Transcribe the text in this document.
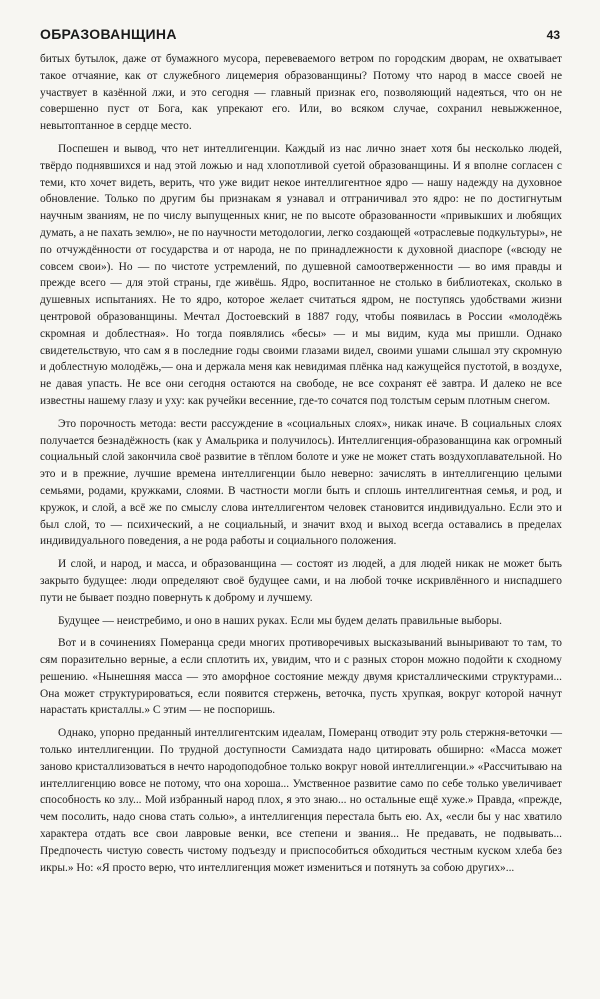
ОБРАЗОВАНЩИНА	43

битых бутылок, даже от бумажного мусора, перевеваемого ветром по городским дворам, не охватывает такое отчаяние, как от служебного лицемерия образованщины? Потому что народ в массе своей не участвует в казённой лжи, и это сегодня — главный признак его, позволяющий надеяться, что он не совершенно пуст от Бога, как упрекают его. Или, во всяком случае, сохранил невыжженное, невытоптанное в сердце место.

Поспешен и вывод, что нет интеллигенции. Каждый из нас лично знает хотя бы несколько людей, твёрдо поднявшихся и над этой ложью и над хлопотливой суетой образованщины. И я вполне согласен с теми, кто хочет видеть, верить, что уже видит некое интеллигентное ядро — нашу надежду на духовное обновление. Только по другим бы признакам я узнавал и отграничивал это ядро: не по достигнутым научным званиям, не по числу выпущенных книг, не по высоте образованности «привыкших и любящих думать, а не пахать землю», не по научности методологии, легко создающей «отраслевые подкультуры», не по отчуждённости от государства и от народа, не по принадлежности к духовной диаспоре («всюду не совсем свои»). Но — по чистоте устремлений, по душевной самоотверженности — во имя правды и прежде всего — для этой страны, где живёшь. Ядро, воспитанное не столько в библиотеках, сколько в душевных испытаниях. Не то ядро, которое желает считаться ядром, не поступясь удобствами жизни центровой образованщины. Мечтал Достоевский в 1887 году, чтобы появилась в России «молодёжь скромная и доблестная». Но тогда появлялись «бесы» — и мы видим, куда мы пришли. Однако свидетельствую, что сам я в последние годы своими глазами видел, своими ушами слышал эту скромную и доблестную молодёжь,— она и держала меня как невидимая плёнка над кажущейся пустотой, в воздухе, не давая упасть. Не все они сегодня остаются на свободе, не все сохранят её завтра. И далеко не все известны нашему глазу и уху: как ручейки весенние, где-то сочатся под толстым серым плотным снегом.

Это порочность метода: вести рассуждение в «социальных слоях», никак иначе. В социальных слоях получается безнадёжность (как у Амальрика и получилось). Интеллигенция-образованщина как огромный социальный слой закончила своё развитие в тёплом болоте и уже не может стать воздухоплавательной. Но это и в прежние, лучшие времена интеллигенции было неверно: зачислять в интеллигенцию целыми семьями, родами, кружками, слоями. В частности могли быть и сплошь интеллигентная семья, и род, и кружок, и слой, а всё же по смыслу слова интеллигентом человек становится индивидуально. Если это и был слой, то — психический, а не социальный, и значит вход и выход всегда оставались в пределах индивидуального поведения, а не рода работы и социального положения.

И слой, и народ, и масса, и образованщина — состоят из людей, а для людей никак не может быть закрыто будущее: люди определяют своё будущее сами, и на любой точке искривлённого и ниспадшего пути не бывает поздно повернуть к доброму и лучшему.

Будущее — неистребимо, и оно в наших руках. Если мы будем делать правильные выборы.

Вот и в сочинениях Померанца среди многих противоречивых высказываний выныривают то там, то сям поразительно верные, а если сплотить их, увидим, что и с разных сторон можно подойти к сходному решению. «Нынешняя масса — это аморфное состояние между двумя кристаллическими структурами... Она может структурироваться, если появится стержень, веточка, пусть хрупкая, вокруг которой начнут нарастать кристаллы.» С этим — не поспоришь.

Однако, упорно преданный интеллигентским идеалам, Померанц отводит эту роль стержня-веточки — только интеллигенции. По трудной доступности Самиздата надо цитировать обширно: «Масса может заново кристаллизоваться в нечто народоподобное только вокруг новой интеллигенции.» «Рассчитываю на интеллигенцию вовсе не потому, что она хороша... Умственное развитие само по себе только увеличивает способность ко злу... Мой избранный народ плох, я это знаю... но остальные ещё хуже.» Правда, «прежде, чем посолить, надо снова стать солью», а интеллигенция перестала быть ею. Ах, «если бы у нас хватило характера отдать все свои лавровые венки, все степени и звания... Не предавать, не подвывать... Предпочесть чистую совесть чистому подъезду и приспособиться обходиться честным куском хлеба без икры.» Но: «Я просто верю, что интеллигенция может измениться и потянуть за собою других»...
